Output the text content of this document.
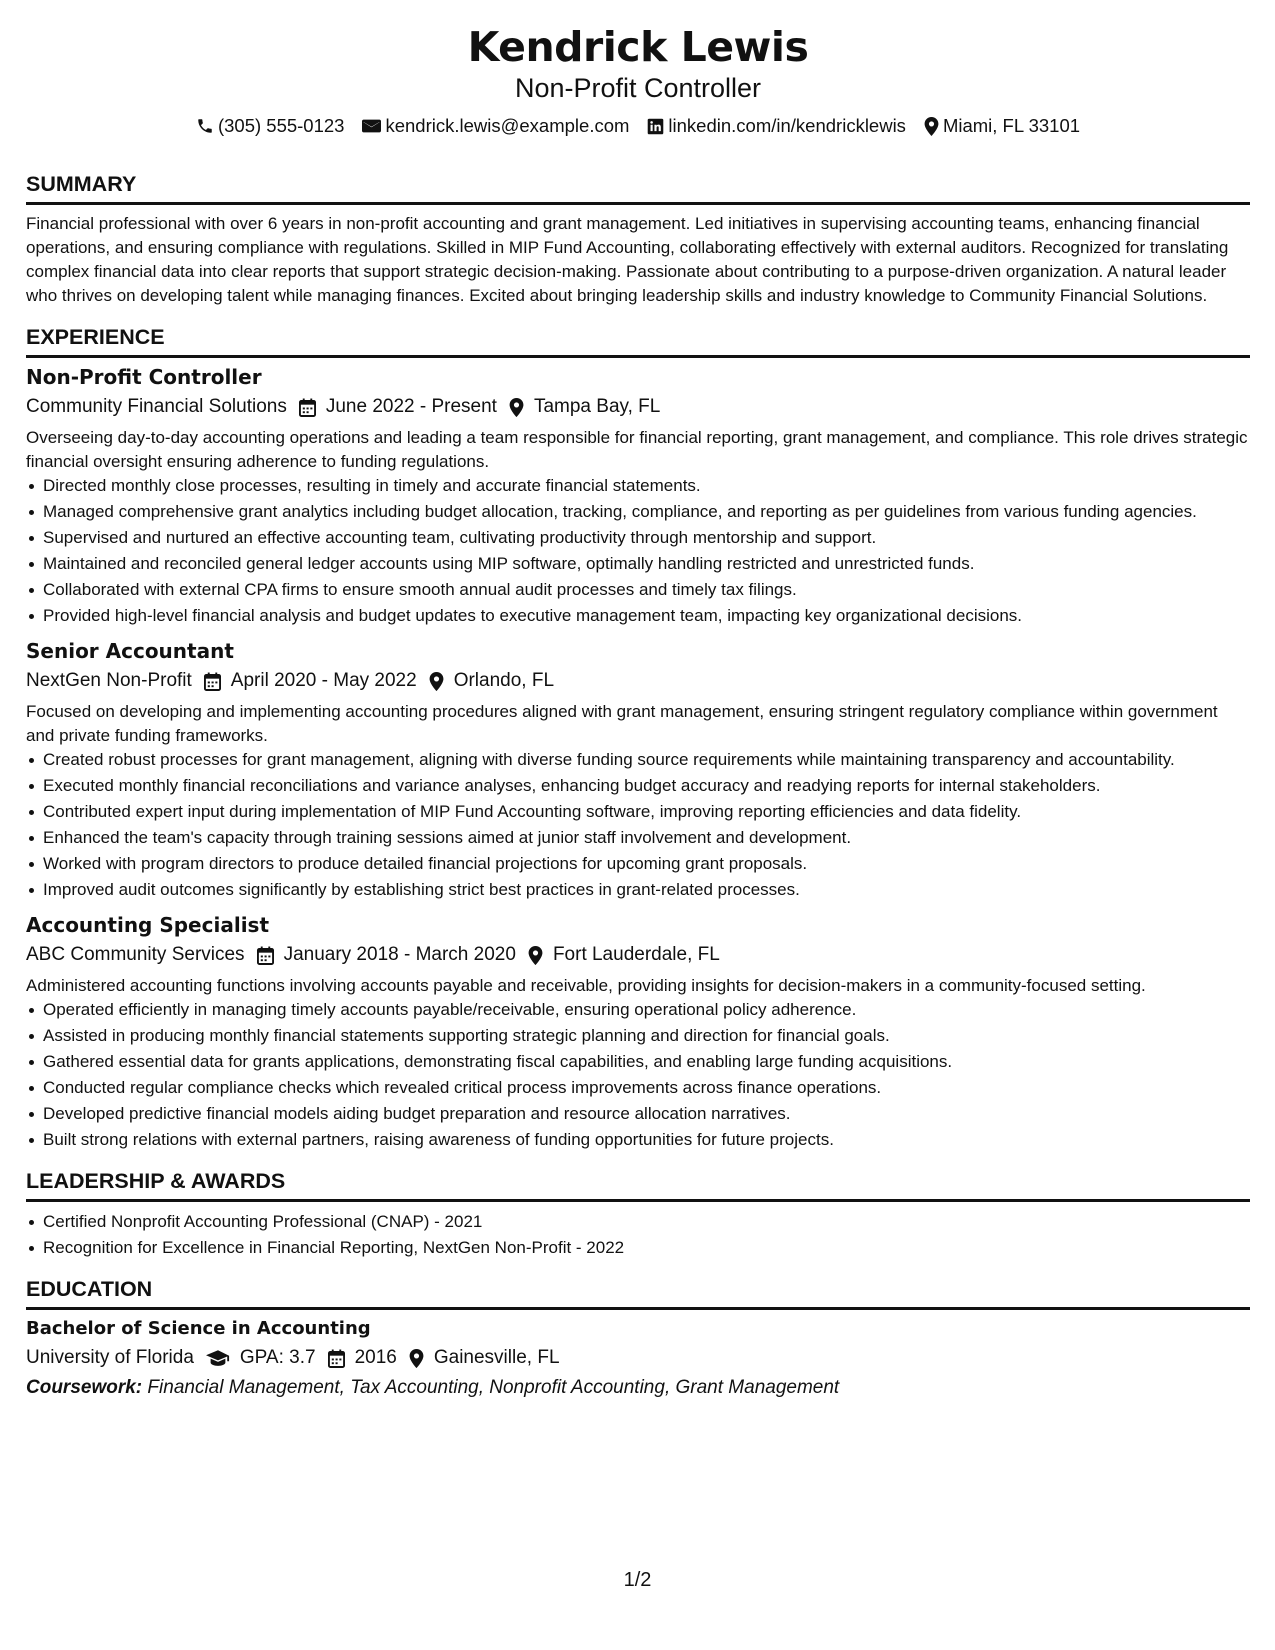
Kendrick Lewis
Non-Profit Controller
(305) 555-0123 kendrick.lewis@example.com linkedin.com/in/kendricklewis Miami, FL 33101
SUMMARY
Financial professional with over 6 years in non-profit accounting and grant management. Led initiatives in supervising accounting teams, enhancing financial operations, and ensuring compliance with regulations. Skilled in MIP Fund Accounting, collaborating effectively with external auditors. Recognized for translating complex financial data into clear reports that support strategic decision-making. Passionate about contributing to a purpose-driven organization. A natural leader who thrives on developing talent while managing finances. Excited about bringing leadership skills and industry knowledge to Community Financial Solutions.
EXPERIENCE
Non-Profit Controller
Community Financial Solutions June 2022 - Present Tampa Bay, FL
Overseeing day-to-day accounting operations and leading a team responsible for financial reporting, grant management, and compliance. This role drives strategic financial oversight ensuring adherence to funding regulations.
Directed monthly close processes, resulting in timely and accurate financial statements.
Managed comprehensive grant analytics including budget allocation, tracking, compliance, and reporting as per guidelines from various funding agencies.
Supervised and nurtured an effective accounting team, cultivating productivity through mentorship and support.
Maintained and reconciled general ledger accounts using MIP software, optimally handling restricted and unrestricted funds.
Collaborated with external CPA firms to ensure smooth annual audit processes and timely tax filings.
Provided high-level financial analysis and budget updates to executive management team, impacting key organizational decisions.
Senior Accountant
NextGen Non-Profit April 2020 - May 2022 Orlando, FL
Focused on developing and implementing accounting procedures aligned with grant management, ensuring stringent regulatory compliance within government and private funding frameworks.
Created robust processes for grant management, aligning with diverse funding source requirements while maintaining transparency and accountability.
Executed monthly financial reconciliations and variance analyses, enhancing budget accuracy and readying reports for internal stakeholders.
Contributed expert input during implementation of MIP Fund Accounting software, improving reporting efficiencies and data fidelity.
Enhanced the team's capacity through training sessions aimed at junior staff involvement and development.
Worked with program directors to produce detailed financial projections for upcoming grant proposals.
Improved audit outcomes significantly by establishing strict best practices in grant-related processes.
Accounting Specialist
ABC Community Services January 2018 - March 2020 Fort Lauderdale, FL
Administered accounting functions involving accounts payable and receivable, providing insights for decision-makers in a community-focused setting.
Operated efficiently in managing timely accounts payable/receivable, ensuring operational policy adherence.
Assisted in producing monthly financial statements supporting strategic planning and direction for financial goals.
Gathered essential data for grants applications, demonstrating fiscal capabilities, and enabling large funding acquisitions.
Conducted regular compliance checks which revealed critical process improvements across finance operations.
Developed predictive financial models aiding budget preparation and resource allocation narratives.
Built strong relations with external partners, raising awareness of funding opportunities for future projects.
LEADERSHIP & AWARDS
Certified Nonprofit Accounting Professional (CNAP) - 2021
Recognition for Excellence in Financial Reporting, NextGen Non-Profit - 2022
EDUCATION
Bachelor of Science in Accounting
University of Florida GPA: 3.7 2016 Gainesville, FL
Coursework: Financial Management, Tax Accounting, Nonprofit Accounting, Grant Management
1/2
